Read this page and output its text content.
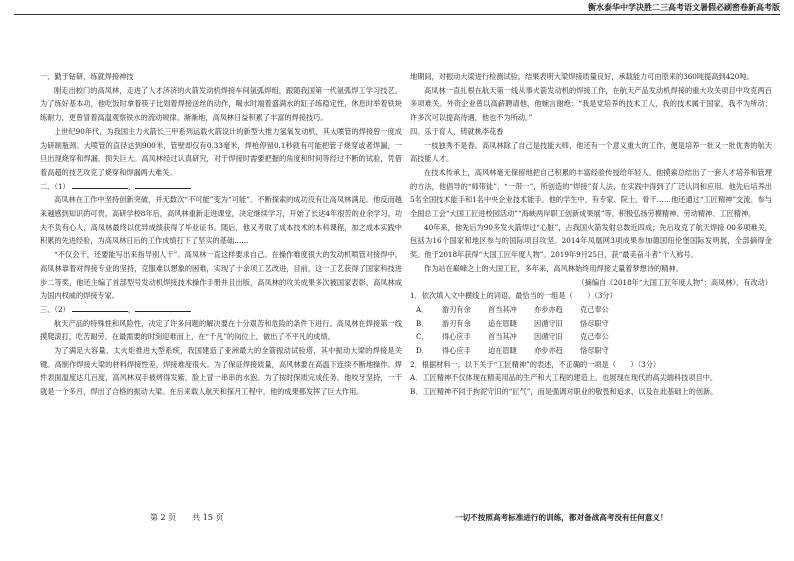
衡水泰华中学决胜二三高考语文暑假必刷密卷新高考版

一、勤于钻研，练就焊接神技

刚走出校门的高凤林，走进了人才济济的火箭发动机焊接车间氩弧焊组，跟随我国第一代氩弧焊工学习技艺。为了练好基本功，他吃饭时拿着筷子比划着焊接送丝的动作，喝水时端着盛满水的缸子练稳定性，休息时举着铁块练耐力，更曾冒着高温观察铁水的流动规律。渐渐地，高凤林日益积累了丰富的焊接技巧。

上世纪90年代，为我国主力火箭长三甲系列运载火箭设计的新型大推力氢氧发动机，其大喷管的焊接曾一度成为研制瓶颈。大喷管的直径达到900米，管壁却仅有0.33毫米，焊枪停留0.1秒就有可能把管子烧穿或者焊漏，一旦出现烧穿和焊漏，损失巨大。高凤林经过认真研究，对于焊接时需要把握的角度和时间等经过不断的试验，凭借着高超的技艺攻克了烧穿和焊漏两大难关。

二、（1）	，

高凤林在工作中坚持创新突破，并无数次“不可能”变为“可能”。不断探索的成功没有让高凤林满足。他反而越来越感到知识的可贵。高研学校8年后，高风林重新走进课堂，决定继续学习，开始了长达4年很苦的业余学习。功夫不负有心人，高凤林最终以优异成绩获得了毕业证书。随后，他又考取了成本技术的本科课程，加之成本实践中积累的先进经验，为高凤林日后的工作成绩打下了坚实的基础……

“不仅会干，还要能写出来指导别人干”。高凤林一直这样要求自己。在操作难度很大的发动机喷管对接焊中，高凤林靠着对焊接专业的坚持，克服难以想象的困难，实现了十余项工艺改进，目前，这一工艺获得了国家科技进步二等奖，他还主编了首部型号发动机焊接技术操作手册并且出版，高凤林的攻关成果多次被国家表彰，高凤林成为国内权威的焊接专家。

三、（2）	，

航天产品的特殊性和风险性，决定了许多问题的解决要在十分艰苦和危险的条件下进行。高凤林在焊接第一线摸爬滚打，吃苦耐劳，在最需要的时刻迎难而上，在“千凡”的岗位上，做出了不平凡的成绩。

为了满足大容量、太火炬推进大型系统，我国建造了亚洲最大的全箭振动试验塔，其中振动大梁的焊接是关键。高制作焊接大梁的材料焊接性差，焊接难度很大。为了保证焊接质量，高风林要在高温下连续不断地操作。焊件表面温度达几百度，高风林双手被烤得发紫，脸上冒一串串的水泡。为了按时保质完成任务，他咬牙坚持，一干就是一个多月，焊出了合格的振动大梁。在后来载人航天和探月工程中，他的成果都发挥了巨大作用。

地期间，对振动大梁进行检测试验，结果表明大梁焊接质量良好，承载能力可由原来的360吨提高到420吨。

高凤林一直扎根在航天第一线从事火箭发动机的焊接工作，在航天产品发动机焊接的重大攻关项目中攻克两百多项难关。外资企业曾以高薪聘请他，他婉言谢绝：“我是党培养的技术工人，我的技术属于国家，我不为所动；许多次可以提高待遇，他也不为所动。”

四、乐于育人，铸就桃李花香

一枝独秀不是春。高凤林除了自己是技能大师，他还有一个意义重大的工作，便是培养一批又一批优秀的航天高技能人才。

在技术传承上，高风林毫无保留地把自己积累的丰富经验传授给年轻人。他摸索总结出了一套人才培养和管理的方法，他倡导的“师带徒”、“一带一”，所创造的“焊接”育人法，在实践中得到了广泛认同和应用。他先后培养出5名全国技术能手和1名中央企业技术能手。他的学生中，有专家、院士、骨干……他还通过“工匠精神”交流、参与全国总工会“大国工匠进校园活动”“海峡两岸职工创新成果展”等，积极弘扬劳模精神、劳动精神、工匠精神。

40年来，他先后为90多发火箭焊过“心脏”，占我国火箭发射总数近四成；先后攻克了航天焊接 00多项难关，包括为16个国家和地区参与的国际项目攻坚。2014年凤凰网3项成果参加德国纽伦堡国际发明展，全部摘得金奖。他于2018年获得“大国工匠年度人物”。2019年9月25日，获“最美奋斗者”个人称号。

作为站在巅峰之上的大国工匠，多年来，高风林始终用焊接丈量着梦想诗的精神。

（摘编自《2018年“大国工匠年度人物”：高凤林》，有改动）

1．依次填入文中横线上的词语，最恰当的一组是（　　）（3分）

A．	游刃有余	首当其冲	亦步亦趋	克己奉公
B．	游刃有余	追在眉睫	因循守旧	恪尽职守
C．	得心应手	首当其冲	因循守旧	克己奉公
D．	得心应手	迫在眉睫	亦步亦趋	恪尽职守

2．根据材料一，以下关于“工匠精神”的表述，不正确的一项是（　　）（3分）

A．工匠精神不仅体现在精美用品的生产和大工程的建造上，也展现在现代的高尖端科技项目中。

B．工匠精神不同于拘泥守旧的“匠气”，而是强调对职业的敬畏和追求，以及在此基础上的创新。

第 2 页　　共 15 页	一切不按照高考标准进行的训练，都对备战高考没有任何意义！
